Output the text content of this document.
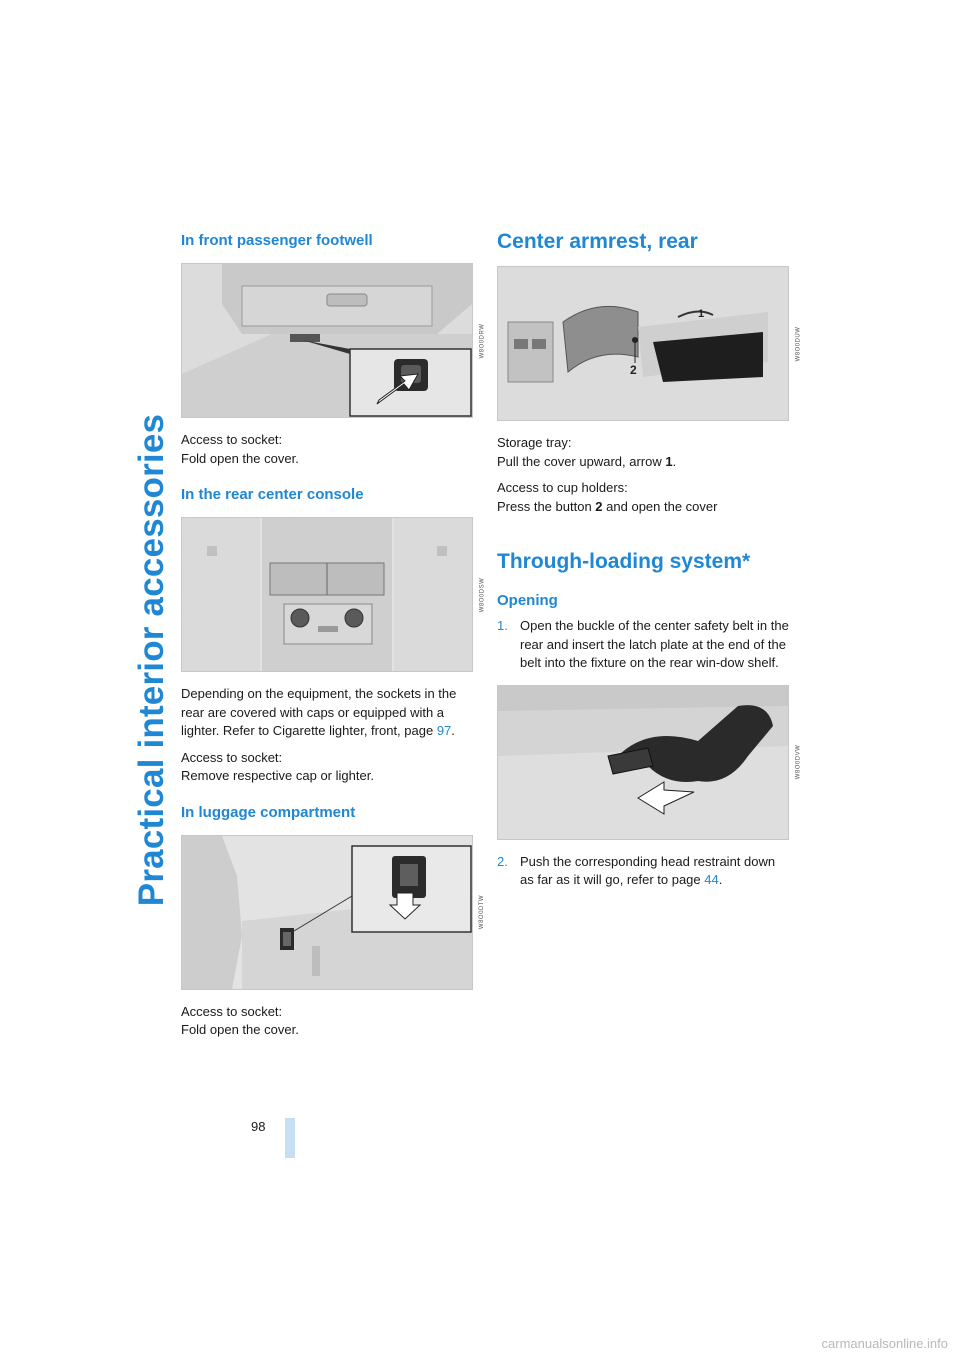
Practical interior accessories
In front passenger footwell
W8O0DRW

Access to socket:

Fold open the cover.

In the rear center console
W8O0DSW

Depending on the equipment, the sockets in the rear are covered with caps or equipped with a lighter. Refer to Cigarette lighter, front, page 97.

Access to socket:

Remove respective cap or lighter.

In luggage compartment
W8O0DTW

Access to socket:

Fold open the cover.

Center armrest, rear
2
1
W8O0DUW

Storage tray:

Pull the cover upward, arrow 1.

Access to cup holders:

Press the button 2 and open the cover

Through-loading system*
Opening
1. Open the buckle of the center safety belt in the rear and insert the latch plate at the end of the belt into the fixture on the rear win-dow shelf.
W8O0DVW
2. Push the corresponding head restraint down as far as it will go, refer to page 44.
98
carmanualsonline.info
